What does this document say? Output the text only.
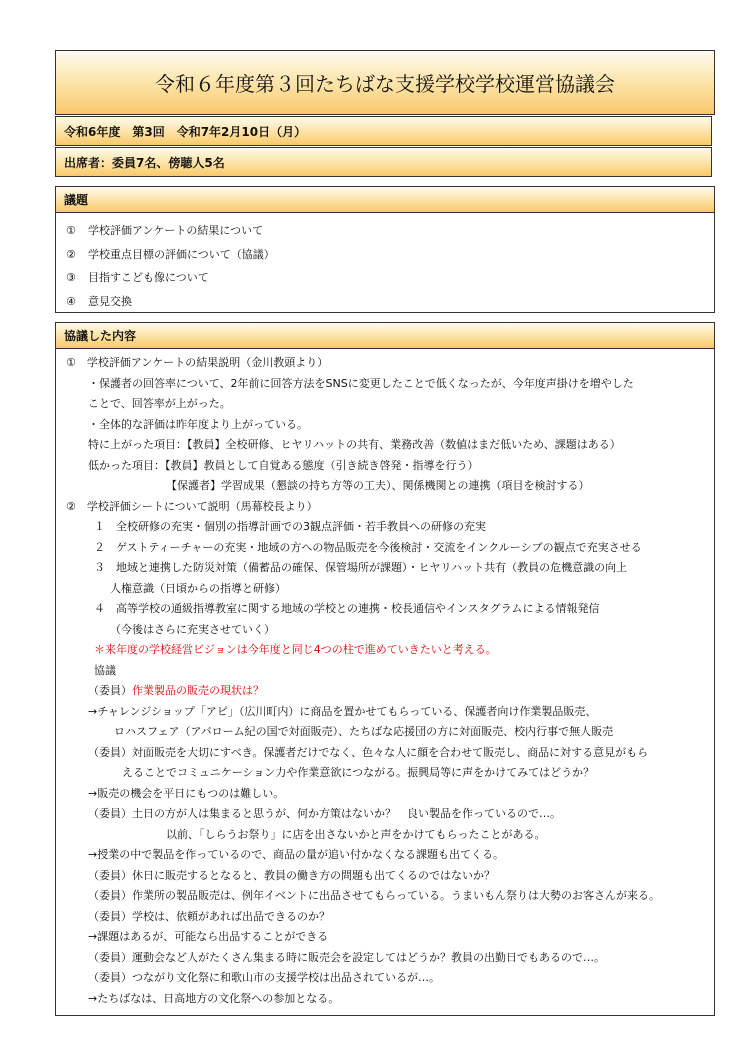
令和６年度第３回たちばな支援学校学校運営協議会
令和6年度　第3回　令和7年2月10日（月）
出席者：委員7名、傍聴人5名
議題
① 学校評価アンケートの結果について
② 学校重点目標の評価について（協議）
③ 目指すこども像について
④ 意見交換
協議した内容
①　学校評価アンケートの結果説明（金川教頭より）
・保護者の回答率について、2年前に回答方法をSNSに変更したことで低くなったが、今年度声掛けを増やした
ことで、回答率が上がった。
・全体的な評価は昨年度より上がっている。
特に上がった項目：【教員】全校研修、ヒヤリハットの共有、業務改善（数値はまだ低いため、課題はある）
低かった項目：【教員】教員として自覚ある態度（引き続き啓発・指導を行う）
【保護者】学習成果（懇談の持ち方等の工夫）、関係機関との連携（項目を検討する）
②　学校評価シートについて説明（馬幕校長より）
１　全校研修の充実・個別の指導計画での3観点評価・若手教員への研修の充実
２　ゲストティーチャーの充実・地域の方への物品販売を今後検討・交流をインクルーシブの観点で充実させる
３　地域と連携した防災対策（備蓄品の確保、保管場所が課題）・ヒヤリハット共有（教員の危機意識の向上
人権意識（日頃からの指導と研修）
４　高等学校の通級指導教室に関する地域の学校との連携・校長通信やインスタグラムによる情報発信
（今後はさらに充実させていく）
＊来年度の学校経営ビジョンは今年度と同じ4つの柱で進めていきたいと考える。
協議
（委員）作業製品の販売の現状は？
→チャレンジショップ「アピ」（広川町内）に商品を置かせてもらっている、保護者向け作業製品販売、
ロハスフェア（アバローム紀の国で対面販売）、たちばな応援団の方に対面販売、校内行事で無人販売
（委員）対面販売を大切にすべき。保護者だけでなく、色々な人に顔を合わせて販売し、商品に対する意見がもら
えることでコミュニケーション力や作業意欲につながる。振興局等に声をかけてみてはどうか？
→販売の機会を平日にもつのは難しい。
（委員）土日の方が人は集まると思うが、何か方策はないか？　良い製品を作っているので…。
以前、「しらうお祭り」に店を出さないかと声をかけてもらったことがある。
→授業の中で製品を作っているので、商品の量が追い付かなくなる課題も出てくる。
（委員）休日に販売するとなると、教員の働き方の問題も出てくるのではないか？
（委員）作業所の製品販売は、例年イベントに出品させてもらっている。うまいもん祭りは大勢のお客さんが来る。
（委員）学校は、依頼があれば出品できるのか？
→課題はあるが、可能なら出品することができる
（委員）運動会など人がたくさん集まる時に販売会を設定してはどうか？教員の出勤日でもあるので…。
（委員）つながり文化祭に和歌山市の支援学校は出品されているが…。
→たちばなは、日高地方の文化祭への参加となる。
